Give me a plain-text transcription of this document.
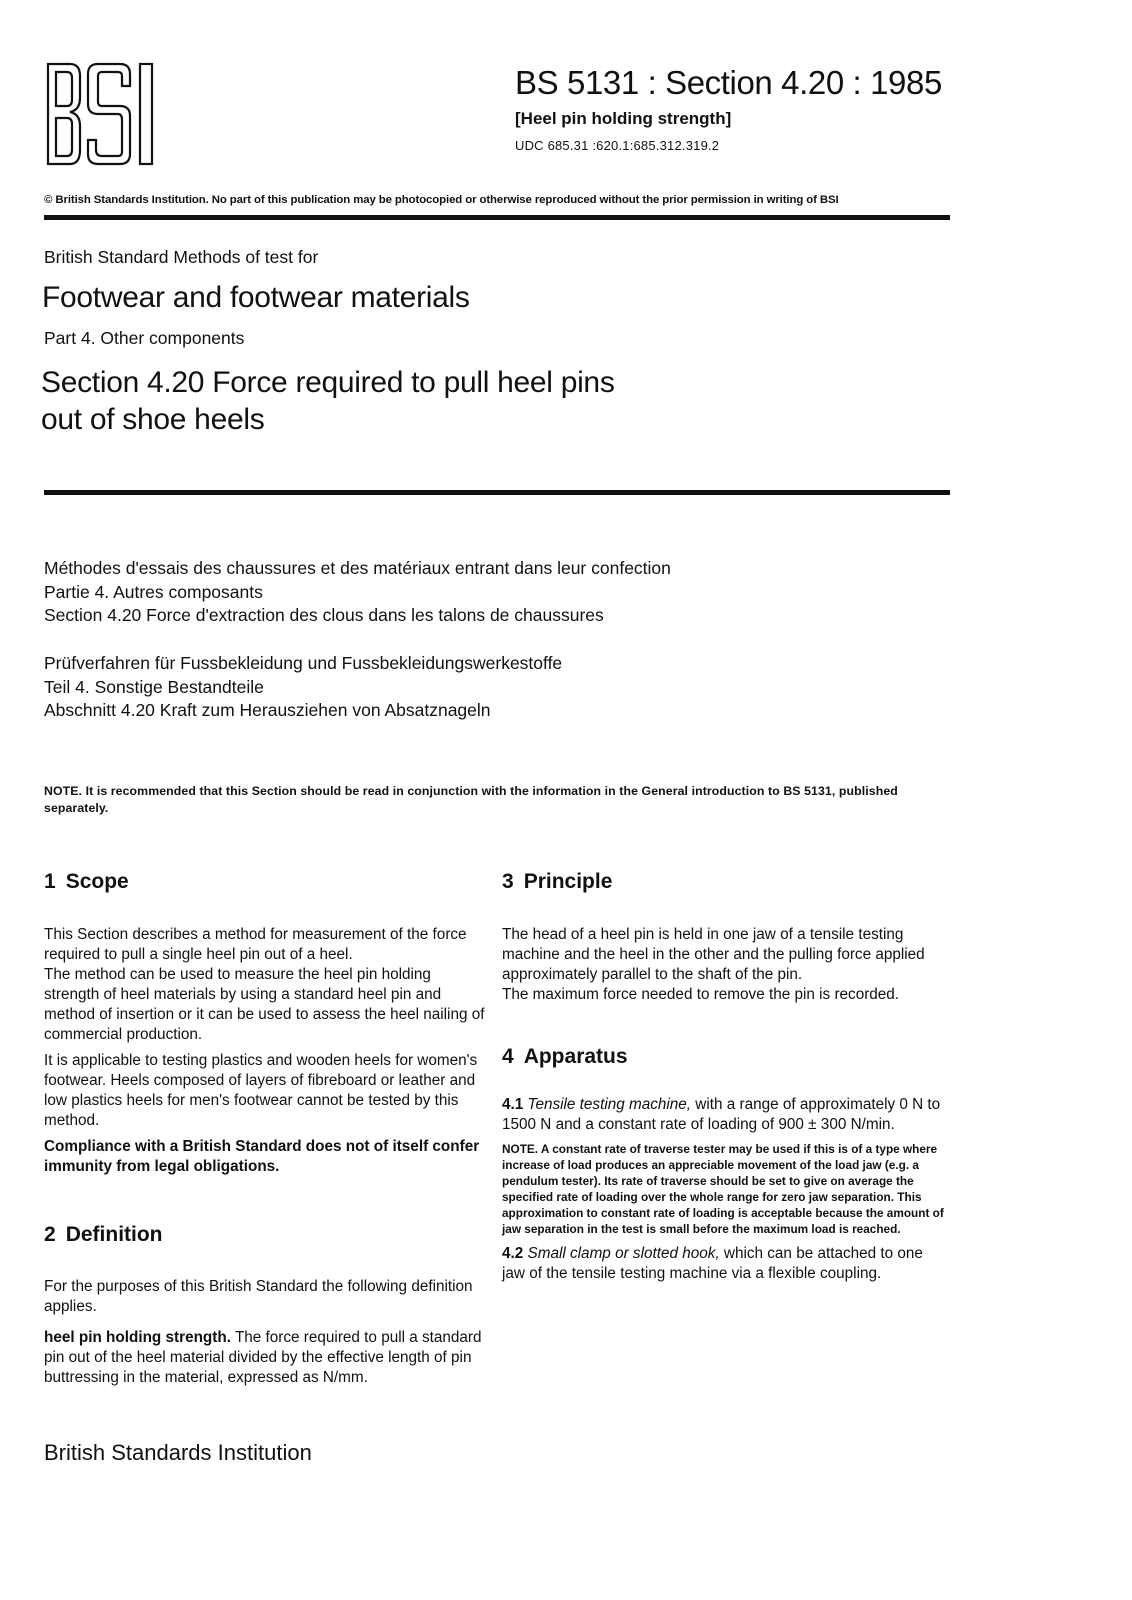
BS 5131 : Section 4.20 : 1985
[Heel pin holding strength]
UDC 685.31 :620.1:685.312.319.2
© British Standards Institution. No part of this publication may be photocopied or otherwise reproduced without the prior permission in writing of BSI
British Standard Methods of test for
Footwear and footwear materials
Part 4. Other components
Section 4.20 Force required to pull heel pins
out of shoe heels
Méthodes d'essais des chaussures et des matériaux entrant dans leur confection
Partie 4. Autres composants
Section 4.20 Force d'extraction des clous dans les talons de chaussures
Prüfverfahren für Fussbekleidung und Fussbekleidungswerkestoffe
Teil 4. Sonstige Bestandteile
Abschnitt 4.20 Kraft zum Herausziehen von Absatznageln
NOTE. It is recommended that this Section should be read in conjunction with the information in the General introduction to BS 5131, published separately.
1 Scope

This Section describes a method for measurement of the force required to pull a single heel pin out of a heel.

The method can be used to measure the heel pin holding strength of heel materials by using a standard heel pin and method of insertion or it can be used to assess the heel nailing of commercial production.

It is applicable to testing plastics and wooden heels for women's footwear. Heels composed of layers of fibreboard or leather and low plastics heels for men's footwear cannot be tested by this method.

Compliance with a British Standard does not of itself confer immunity from legal obligations.

2 Definition

For the purposes of this British Standard the following definition applies.

heel pin holding strength. The force required to pull a standard pin out of the heel material divided by the effective length of pin buttressing in the material, expressed as N/mm.

3 Principle

The head of a heel pin is held in one jaw of a tensile testing machine and the heel in the other and the pulling force applied approximately parallel to the shaft of the pin.

The maximum force needed to remove the pin is recorded.

4 Apparatus

4.1 Tensile testing machine, with a range of approximately 0 N to 1500 N and a constant rate of loading of 900 ± 300 N/min.

NOTE. A constant rate of traverse tester may be used if this is of a type where increase of load produces an appreciable movement of the load jaw (e.g. a pendulum tester). Its rate of traverse should be set to give on average the specified rate of loading over the whole range for zero jaw separation. This approximation to constant rate of loading is acceptable because the amount of jaw separation in the test is small before the maximum load is reached.

4.2 Small clamp or slotted hook, which can be attached to one jaw of the tensile testing machine via a flexible coupling.

British Standards Institution
